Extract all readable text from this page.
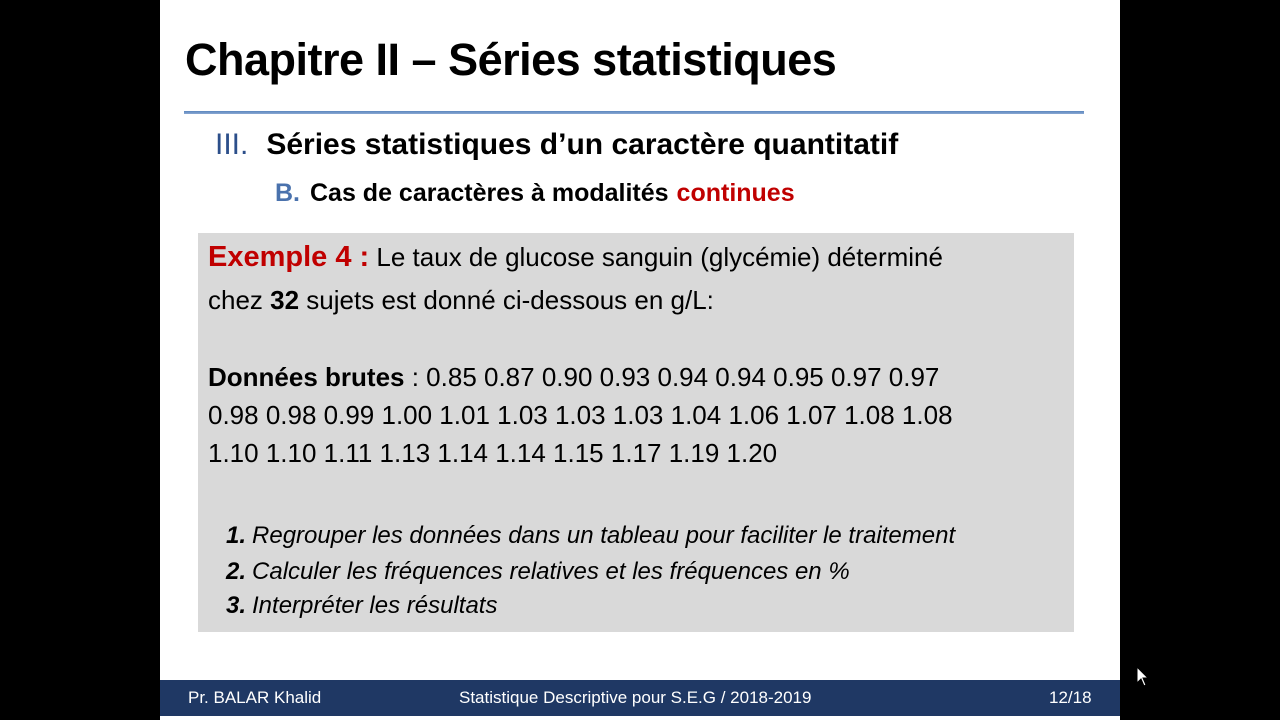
Chapitre II – Séries statistiques
III. Séries statistiques d’un caractère quantitatif
B. Cas de caractères à modalités continues
Exemple 4 : Le taux de glucose sanguin (glycémie) déterminé
chez 32 sujets est donné ci-dessous en g/L:
Données brutes : 0.85 0.87 0.90 0.93 0.94 0.94 0.95 0.97 0.97
0.98 0.98 0.99 1.00 1.01 1.03 1.03 1.03 1.04 1.06 1.07 1.08 1.08
1.10 1.10 1.11 1.13 1.14 1.14 1.15 1.17 1.19 1.20
1. Regrouper les données dans un tableau pour faciliter le traitement
2. Calculer les fréquences relatives et les fréquences en %
3. Interpréter les résultats
Pr. BALAR Khalid	Statistique Descriptive pour S.E.G / 2018-2019	12/18
